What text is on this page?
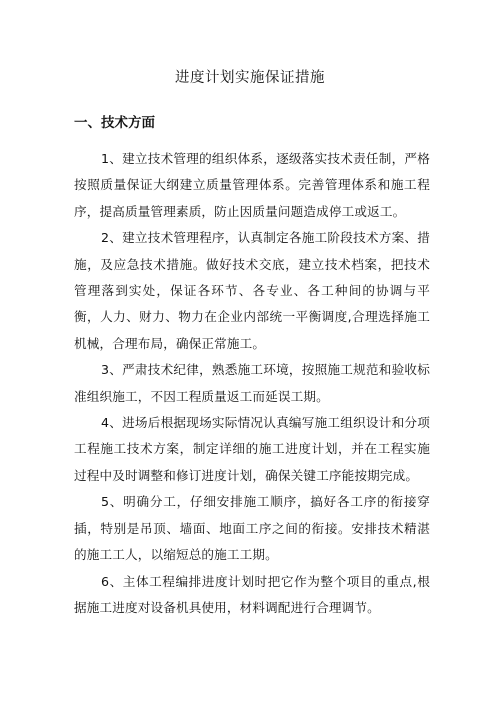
进度计划实施保证措施
一、技术方面

1、建立技术管理的组织体系，逐级落实技术责任制，严格按照质量保证大纲建立质量管理体系。完善管理体系和施工程序，提高质量管理素质，防止因质量问题造成停工或返工。

2、建立技术管理程序，认真制定各施工阶段技术方案、措施，及应急技术措施。做好技术交底，建立技术档案，把技术管理落到实处，保证各环节、各专业、各工种间的协调与平衡，人力、财力、物力在企业内部统一平衡调度,合理选择施工机械，合理布局，确保正常施工。

3、严肃技术纪律，熟悉施工环境，按照施工规范和验收标准组织施工，不因工程质量返工而延误工期。

4、进场后根据现场实际情况认真编写施工组织设计和分项工程施工技术方案，制定详细的施工进度计划，并在工程实施过程中及时调整和修订进度计划，确保关键工序能按期完成。

5、明确分工，仔细安排施工顺序，搞好各工序的衔接穿插，特别是吊顶、墙面、地面工序之间的衔接。安排技术精湛的施工工人，以缩短总的施工工期。

6、主体工程编排进度计划时把它作为整个项目的重点,根据施工进度对设备机具使用，材料调配进行合理调节。
